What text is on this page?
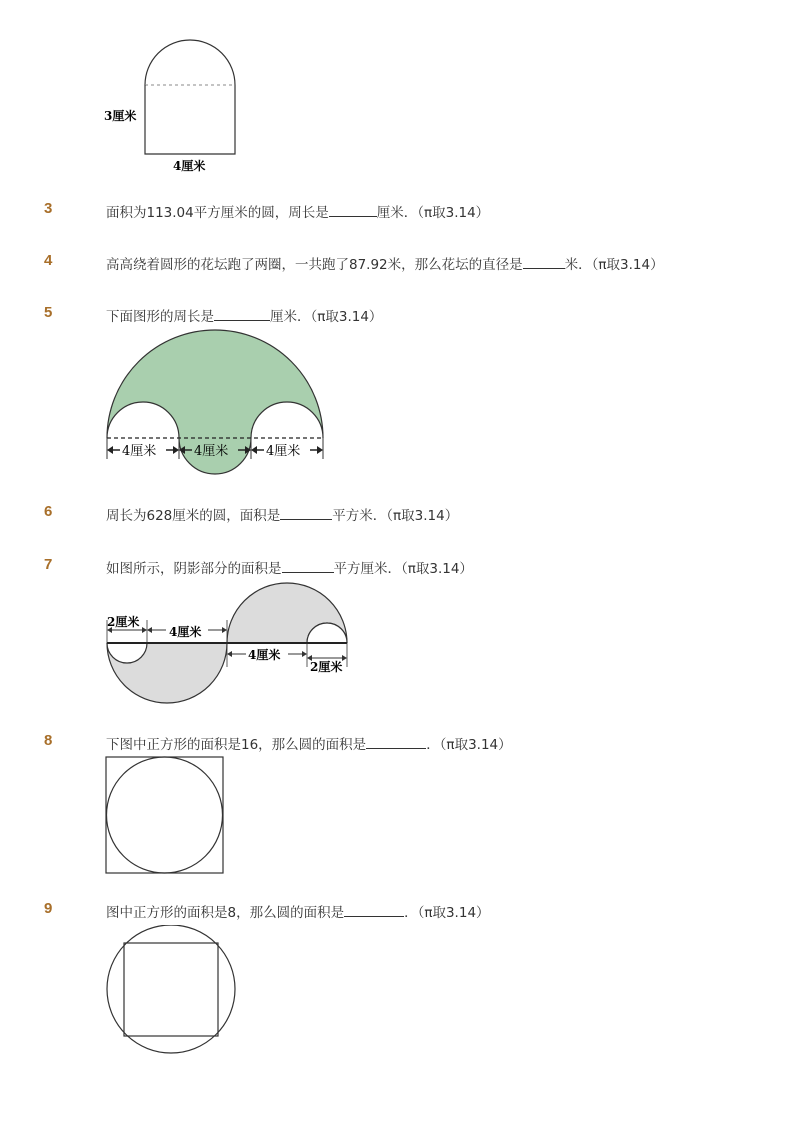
3厘米
4厘米
3	面积为113.04平方厘米的圆，周长是	厘米．（π取3.14）
4	高高绕着圆形的花坛跑了两圈，一共跑了87.92米，那么花坛的直径是	米．（π取3.14）
5	下面图形的周长是	厘米．（π取3.14）
4厘米	4厘米	4厘米
6	周长为628厘米的圆，面积是	平方米．（π取3.14）
7	如图所示，阴影部分的面积是	平方厘米．（π取3.14）
2厘米
4厘米
4厘米
2厘米
8	下图中正方形的面积是16，那么圆的面积是	．（π取3.14）
9	图中正方形的面积是8，那么圆的面积是	．（π取3.14）
